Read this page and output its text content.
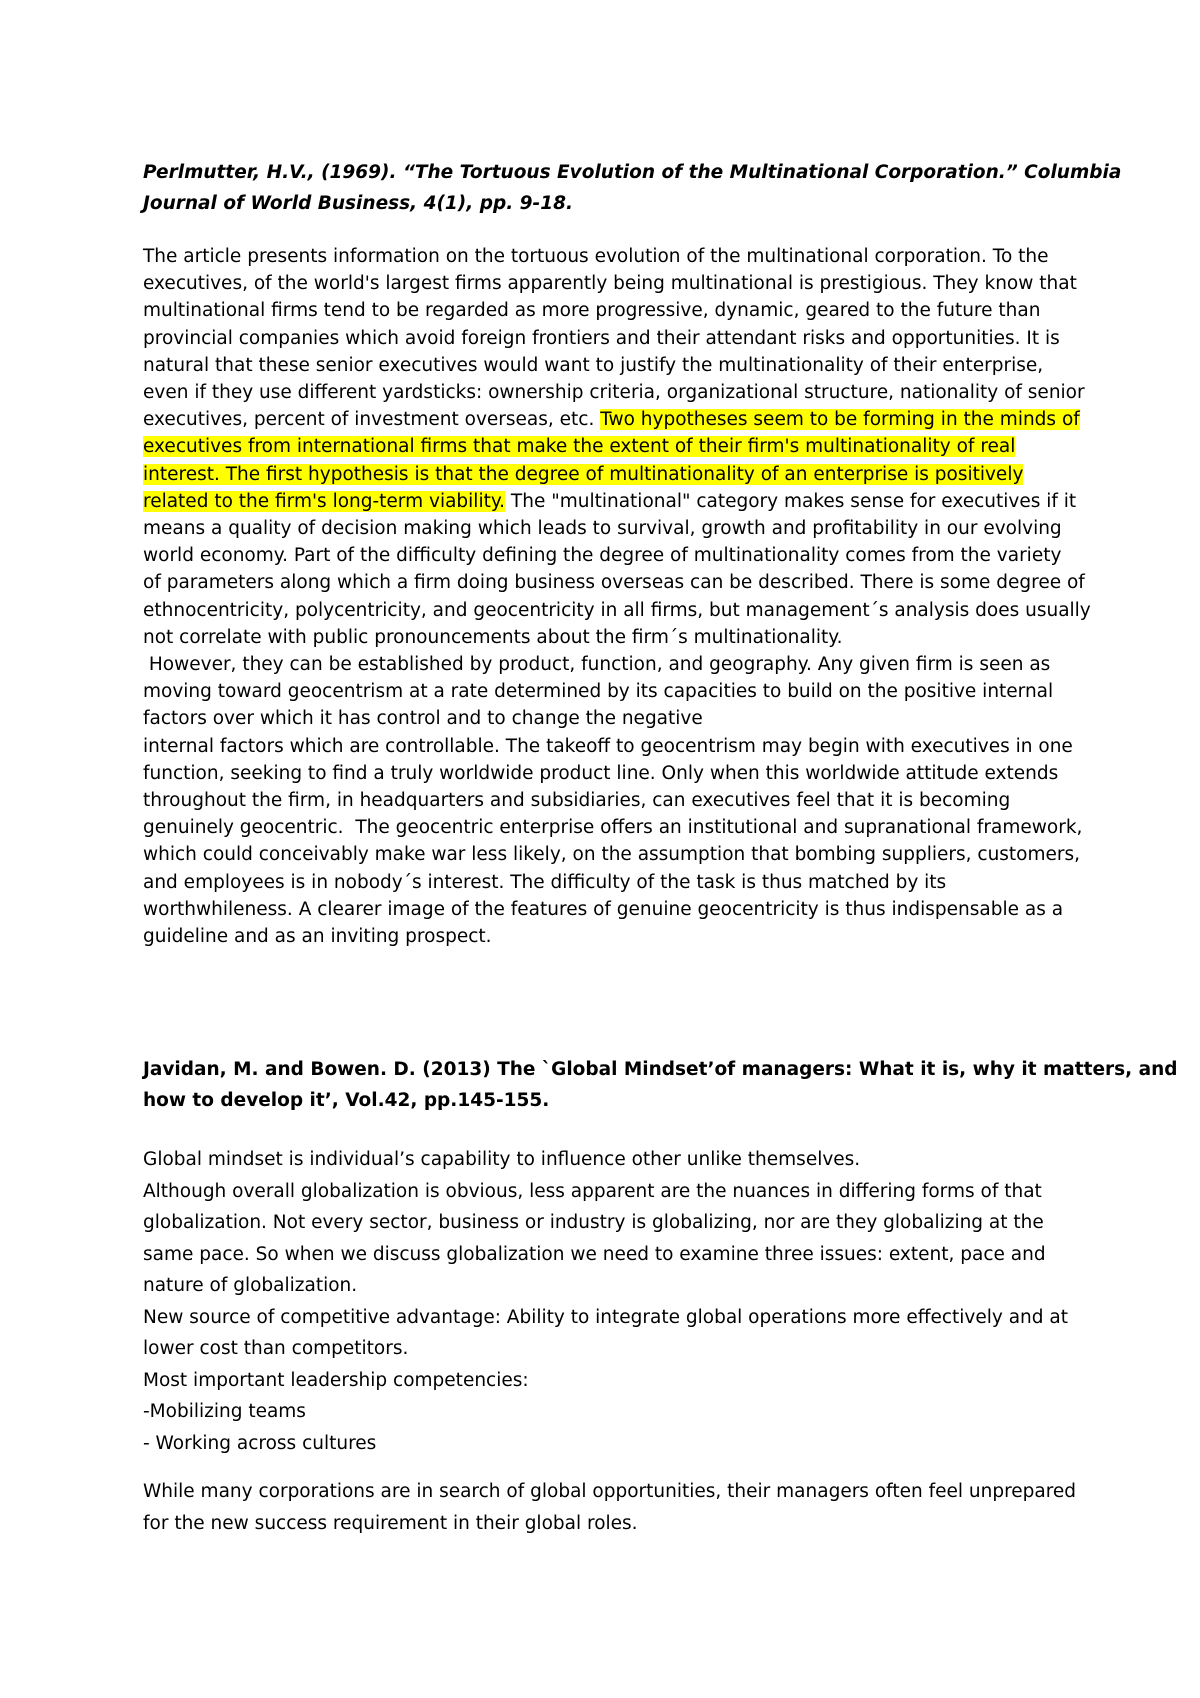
Perlmutter, H.V., (1969). “The Tortuous Evolution of the Multinational Corporation.” Columbia
Journal of World Business, 4(1), pp. 9-18.
The article presents information on the tortuous evolution of the multinational corporation. To the
executives, of the world's largest firms apparently being multinational is prestigious. They know that
multinational firms tend to be regarded as more progressive, dynamic, geared to the future than
provincial companies which avoid foreign frontiers and their attendant risks and opportunities. It is
natural that these senior executives would want to justify the multinationality of their enterprise,
even if they use different yardsticks: ownership criteria, organizational structure, nationality of senior
executives, percent of investment overseas, etc. Two hypotheses seem to be forming in the minds of
executives from international firms that make the extent of their firm's multinationality of real
interest. The first hypothesis is that the degree of multinationality of an enterprise is positively
related to the firm's long-term viability. The "multinational" category makes sense for executives if it
means a quality of decision making which leads to survival, growth and profitability in our evolving
world economy. Part of the difficulty defining the degree of multinationality comes from the variety
of parameters along which a firm doing business overseas can be described. There is some degree of
ethnocentricity, polycentricity, and geocentricity in all firms, but management´s analysis does usually
not correlate with public pronouncements about the firm´s multinationality.
However, they can be established by product, function, and geography. Any given firm is seen as
moving toward geocentrism at a rate determined by its capacities to build on the positive internal
factors over which it has control and to change the negative
internal factors which are controllable. The takeoff to geocentrism may begin with executives in one
function, seeking to find a truly worldwide product line. Only when this worldwide attitude extends
throughout the firm, in headquarters and subsidiaries, can executives feel that it is becoming
genuinely geocentric.  The geocentric enterprise offers an institutional and supranational framework,
which could conceivably make war less likely, on the assumption that bombing suppliers, customers,
and employees is in nobody´s interest. The difficulty of the task is thus matched by its
worthwhileness. A clearer image of the features of genuine geocentricity is thus indispensable as a
guideline and as an inviting prospect.
Javidan, M. and Bowen. D. (2013) The `Global Mindset’of managers: What it is, why it matters, and
how to develop it’, Vol.42, pp.145-155.
Global mindset is individual’s capability to influence other unlike themselves.
Although overall globalization is obvious, less apparent are the nuances in differing forms of that
globalization. Not every sector, business or industry is globalizing, nor are they globalizing at the
same pace. So when we discuss globalization we need to examine three issues: extent, pace and
nature of globalization.
New source of competitive advantage: Ability to integrate global operations more effectively and at
lower cost than competitors.
Most important leadership competencies:
-Mobilizing teams
- Working across cultures
While many corporations are in search of global opportunities, their managers often feel unprepared
for the new success requirement in their global roles.
